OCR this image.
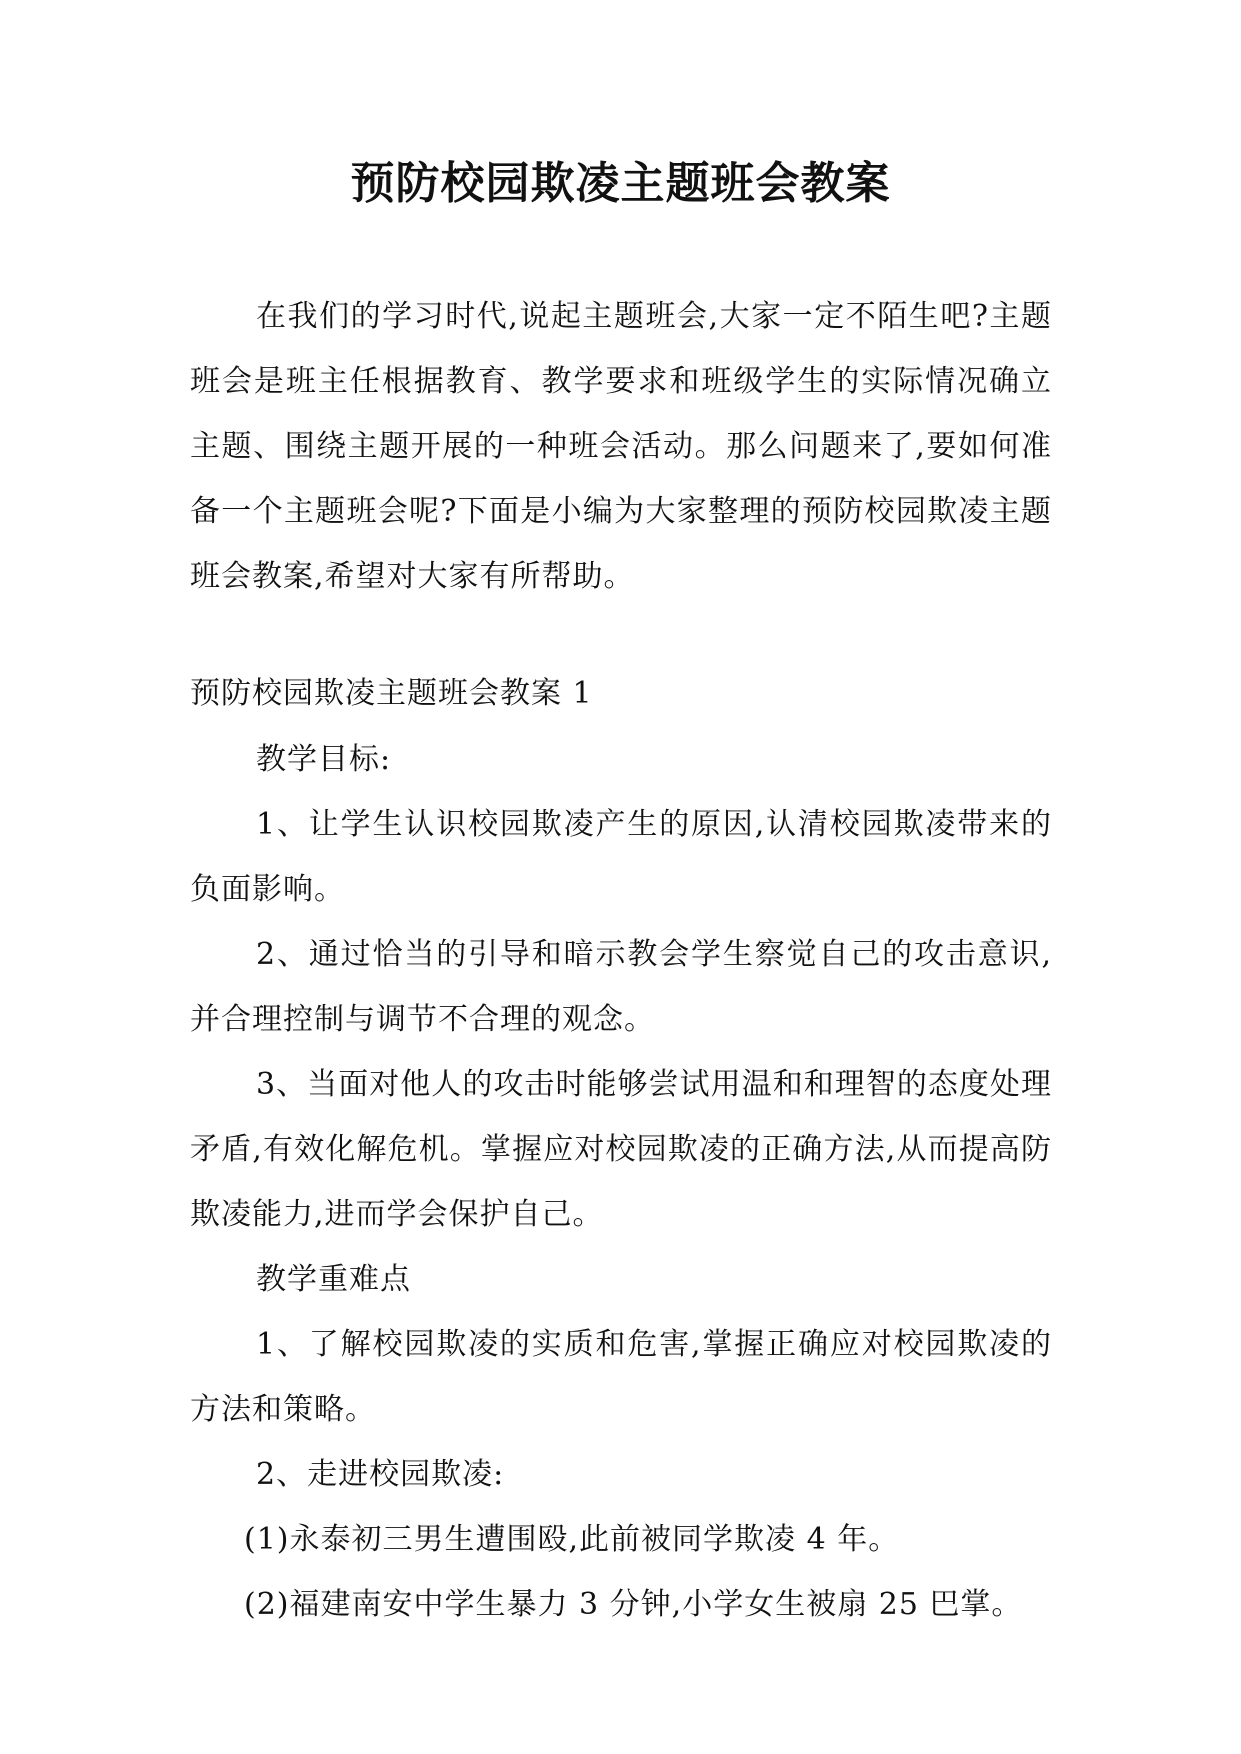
预防校园欺凌主题班会教案

在我们的学习时代,说起主题班会,大家一定不陌生吧?主题班会是班主任根据教育、教学要求和班级学生的实际情况确立主题、围绕主题开展的一种班会活动。那么问题来了,要如何准备一个主题班会呢?下面是小编为大家整理的预防校园欺凌主题班会教案,希望对大家有所帮助。

预防校园欺凌主题班会教案 1

教学目标:

1、让学生认识校园欺凌产生的原因,认清校园欺凌带来的负面影响。

2、通过恰当的引导和暗示教会学生察觉自己的攻击意识,并合理控制与调节不合理的观念。

3、当面对他人的攻击时能够尝试用温和和理智的态度处理矛盾,有效化解危机。掌握应对校园欺凌的正确方法,从而提高防欺凌能力,进而学会保护自己。

教学重难点

1、了解校园欺凌的实质和危害,掌握正确应对校园欺凌的方法和策略。

2、走进校园欺凌:

(1)永泰初三男生遭围殴,此前被同学欺凌 4 年。

(2)福建南安中学生暴力 3 分钟,小学女生被扇 25 巴掌。
